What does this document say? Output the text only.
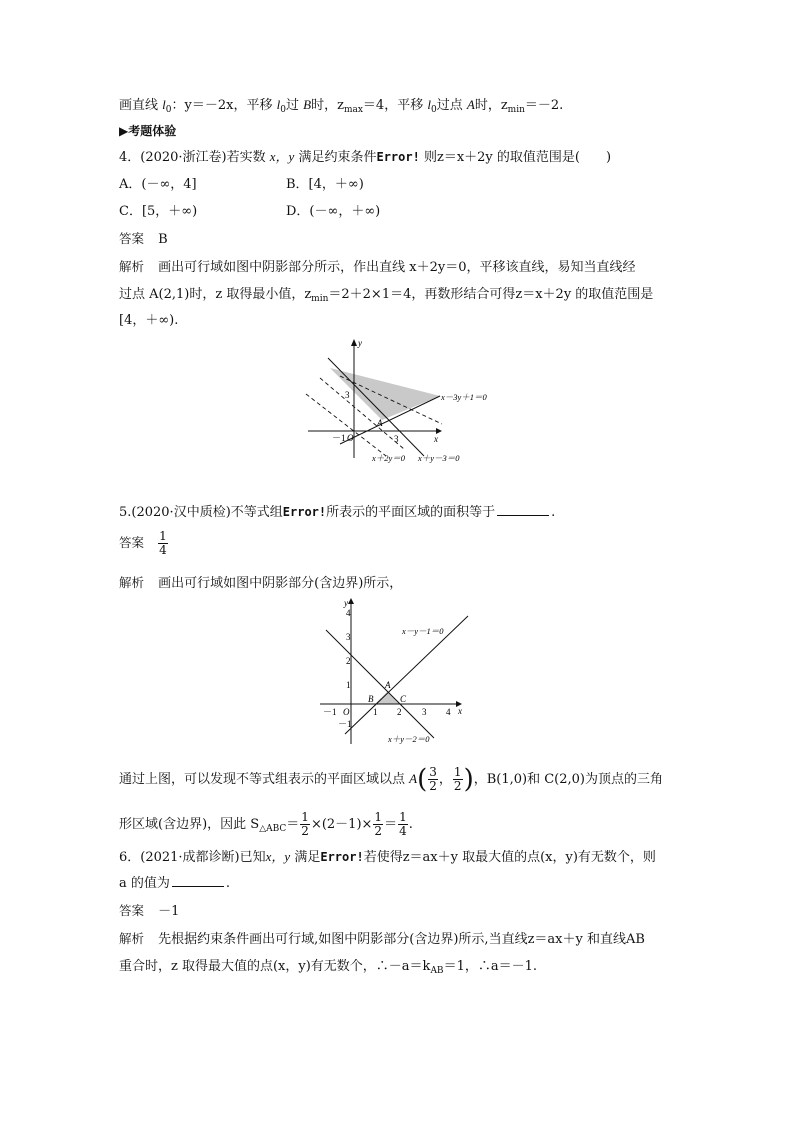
画直线 $l_0$：y＝－2x，平移 $l_0$过 B时，$z_{max}=4$，平移 $l_0$过点 A时，$z_{min}=-2$.
▶考题体验
4．(2020·浙江卷)若实数 x，y 满足约束条件Error! 则z＝x＋2y 的取值范围是(　　)
A．(－∞，4]	B．[4，＋∞)
C．[5，＋∞)	D．(－∞，＋∞)
答案 B
解析 画出可行域如图中阴影部分所示，作出直线 x＋2y＝0，平移该直线，易知当直线经
过点 A(2,1)时，z 取得最小值，$z_{min}=2+2\times 1=4$，再数形结合可得z＝x＋2y 的取值范围是
[4，＋∞).
y
x
O
3
－1	3
A
x－3y＋1＝0
x＋2y＝0 x＋y－3＝0
5.(2020·汉中质检)不等式组Error!所表示的平面区域的面积等于	.
答案 $\frac{1}{4}$
解析 画出可行域如图中阴影部分(含边界)所示，
y
x
O
4
3
2
1
－1
－1	1 2 3 4
A
B	C
x－y－1＝0
x＋y－2＝0
通过上图，可以发现不等式组表示的平面区域以点 $A( \frac{3}{2}$ ， $\frac{1}{2}$ )，B(1,0)和 C(2,0)为顶点的三角
形区域(含边界)，因此 $S_{\triangle ABC}= \frac{1}{2} \times(2-1)\times \frac{1}{2} = \frac{1}{4}$ .
6．(2021·成都诊断)已知x，y 满足Error!若使得z＝ax＋y 取最大值的点(x，y)有无数个，则
a 的值为	.
答案 －1
解析 先根据约束条件画出可行域,如图中阴影部分(含边界)所示,当直线z＝ax＋y 和直线AB
重合时，z 取得最大值的点(x，y)有无数个，$\therefore-a=k_{AB}=1$，∴a＝－1.
